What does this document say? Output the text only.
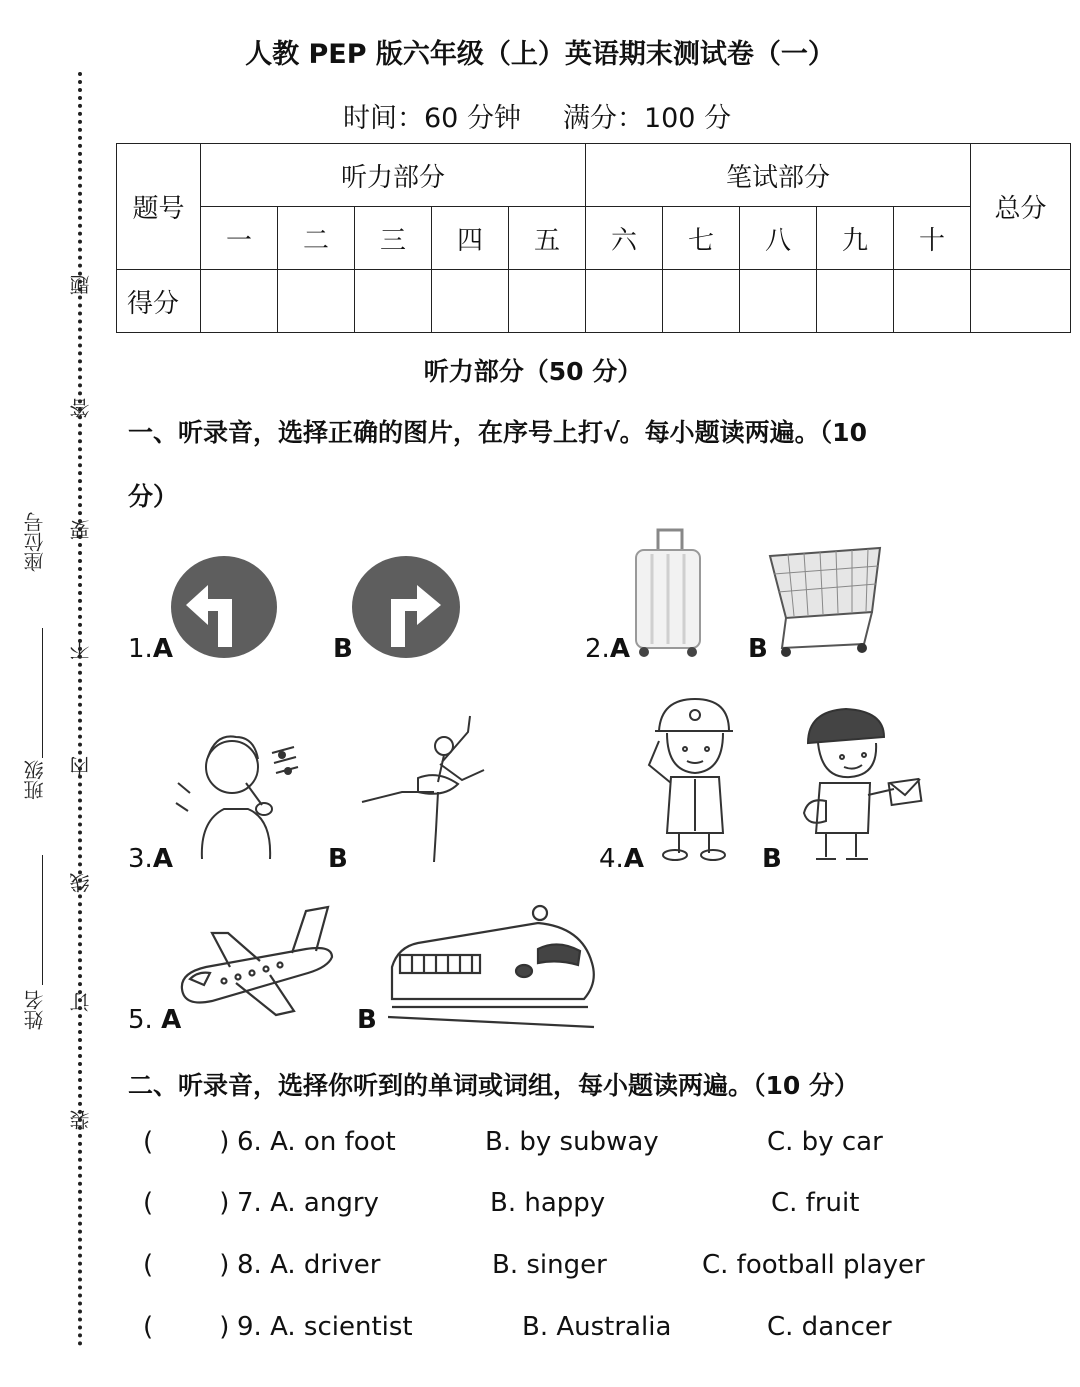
题
答
要
不
内
线
订
装
座位号
班级
姓名
人教 PEP 版六年级（上）英语期末测试卷（一）
时间：60 分钟 满分：100 分
题号	听力部分					笔试部分					总分
	一	二	三	四	五	六	七	八	九	十	
得分											
听力部分（50 分）
一、听录音，选择正确的图片，在序号上打√。每小题读两遍。（10
分）
1.A	B	2.A	B
3.A	B	4.A	B
5. A	B
二、听录音，选择你听到的单词或词组，每小题读两遍。（10 分）
(        ) 6. A. on foot	B. by subway	C. by car
(        ) 7. A. angry	B. happy	C. fruit
(        ) 8. A. driver	B. singer	C. football player
(        ) 9. A. scientist	B. Australia	C. dancer
